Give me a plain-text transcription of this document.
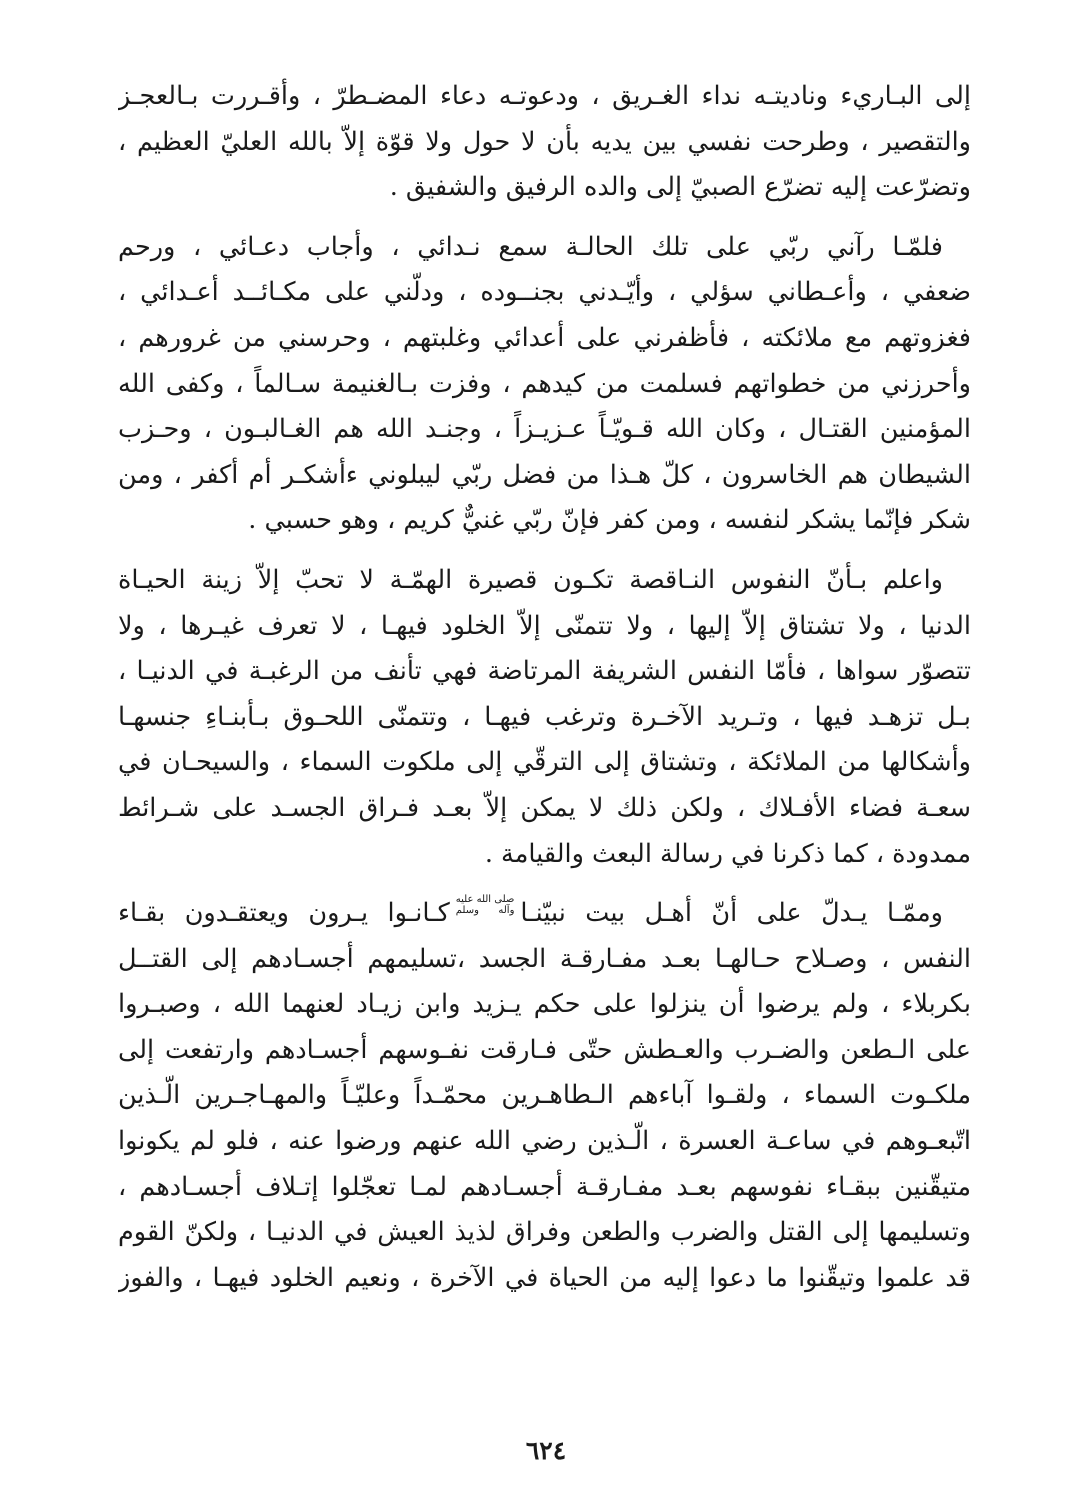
إلى البـاريء وناديتـه نداء الغـريق ، ودعوتـه دعاء المضـطرّ ، وأقـررت بـالعجـز
والتقصير ، وطرحت نفسي بين يديه بأن لا حول ولا قوّة إلاّ بالله العليّ العظيم ،
وتضرّعت إليه تضرّع الصبيّ إلى والده الرفيق والشفيق .

فلمّـا رآني ربّي على تلك الحالـة سمع نـدائي ، وأجاب دعـائي ، ورحم
ضعفي ، وأعـطاني سؤلي ، وأيّـدني بجنــوده ، ودلّني على مكـائــد أعـدائي ،
فغزوتهم مع ملائكته ، فأظفرني على أعدائي وغلبتهم ، وحرسني من غرورهم ،
وأحرزني من خطواتهم فسلمت من كيدهم ، وفزت بـالغنيمة سـالماً ، وكفى الله
المؤمنين القتـال ، وكان الله قـويّـاً عـزيـزاً ، وجنـد الله هم الغـالبـون ، وحـزب
الشيطان هم الخاسرون ، كلّ هـذا من فضل ربّي ليبلوني ءأشكـر أم أكفر ، ومن
شكر فإنّما يشكر لنفسه ، ومن كفر فإنّ ربّي غنيٌّ كريم ، وهو حسبي .

واعلم بـأنّ النفوس النـاقصة تكـون قصيرة الهمّـة لا تحبّ إلاّ زينة الحيـاة
الدنيا ، ولا تشتاق إلاّ إليها ، ولا تتمنّى إلاّ الخلود فيهـا ، لا تعرف غيـرها ، ولا
تتصوّر سواها ، فأمّا النفس الشريفة المرتاضة فهي تأنف من الرغبـة في الدنيـا ،
بـل تزهـد فيها ، وتـريد الآخـرة وترغب فيهـا ، وتتمنّى اللحـوق بـأبنـاءِ جنسهـا
وأشكالها من الملائكة ، وتشتاق إلى الترقّي إلى ملكوت السماء ، والسيحـان في
سعـة فضاء الأفـلاك ، ولكن ذلك لا يمكن إلاّ بعـد فـراق الجسـد على شـرائط
ممدودة ، كما ذكرنا في رسالة البعث والقيامة .

وممّـا يـدلّ على أنّ أهـل بيت نبيّنـا
صلى الله عليه
وآله وسلم
كـانـوا يـرون ويعتقـدون بقـاء
النفس ، وصـلاح حـالهـا بعـد مفـارقـة الجسد ،تسليمهم أجسـادهم إلى القتــل
بكربلاء ، ولم يرضوا أن ينزلوا على حكم يـزيد وابن زيـاد لعنهما الله ، وصبـروا
على الـطعن والضـرب والعـطش حتّى فـارقت نفـوسهم أجسـادهم وارتفعت إلى
ملكـوت السماء ، ولقـوا آباءهم الـطاهـرين محمّـداً وعليّـاً والمهـاجـرين الّـذين
اتّبعـوهم في ساعـة العسرة ، الّـذين رضي الله عنهم ورضوا عنه ، فلو لم يكونوا
متيقّنين ببقـاء نفوسهم بعـد مفـارقـة أجسـادهم لمـا تعجّلوا إتـلاف أجسـادهم ،
وتسليمها إلى القتل والضرب والطعن وفراق لذيذ العيش في الدنيـا ، ولكنّ القوم
قد علموا وتيقّنوا ما دعوا إليه من الحياة في الآخرة ، ونعيم الخلود فيهـا ، والفوز

٦٢٤
